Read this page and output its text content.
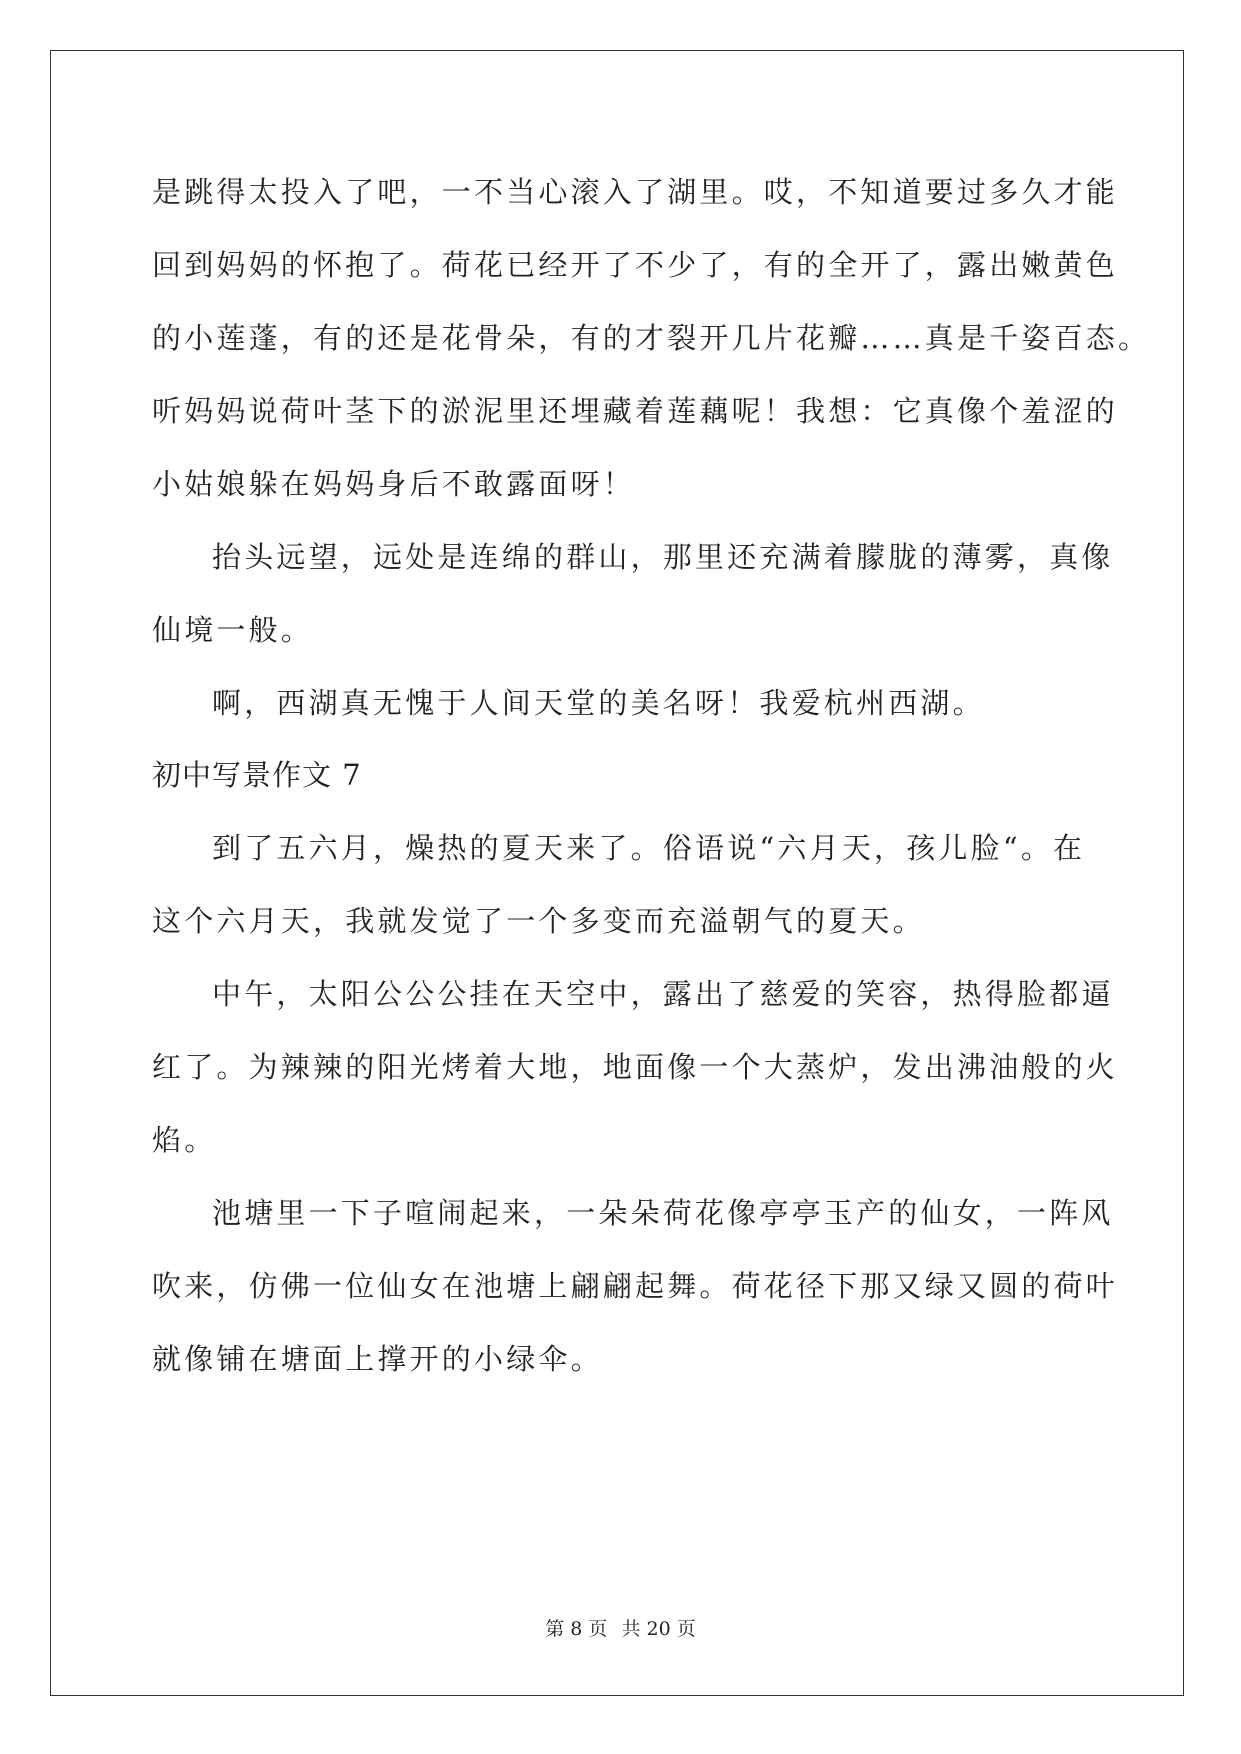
是跳得太投入了吧，一不当心滚入了湖里。哎，不知道要过多久才能
回到妈妈的怀抱了。荷花已经开了不少了，有的全开了，露出嫩黄色
的小莲蓬，有的还是花骨朵，有的才裂开几片花瓣……真是千姿百态。
听妈妈说荷叶茎下的淤泥里还埋藏着莲藕呢！我想：它真像个羞涩的
小姑娘躲在妈妈身后不敢露面呀！
抬头远望，远处是连绵的群山，那里还充满着朦胧的薄雾，真像
仙境一般。
啊，西湖真无愧于人间天堂的美名呀！我爱杭州西湖。
初中写景作文 7
到了五六月，燥热的夏天来了。俗语说“六月天，孩儿脸“。在
这个六月天，我就发觉了一个多变而充溢朝气的夏天。
中午，太阳公公公挂在天空中，露出了慈爱的笑容，热得脸都逼
红了。为辣辣的阳光烤着大地，地面像一个大蒸炉，发出沸油般的火
焰。
池塘里一下子喧闹起来，一朵朵荷花像亭亭玉产的仙女，一阵风
吹来，仿佛一位仙女在池塘上翩翩起舞。荷花径下那又绿又圆的荷叶
就像铺在塘面上撑开的小绿伞。
第 8 页 共 20 页
